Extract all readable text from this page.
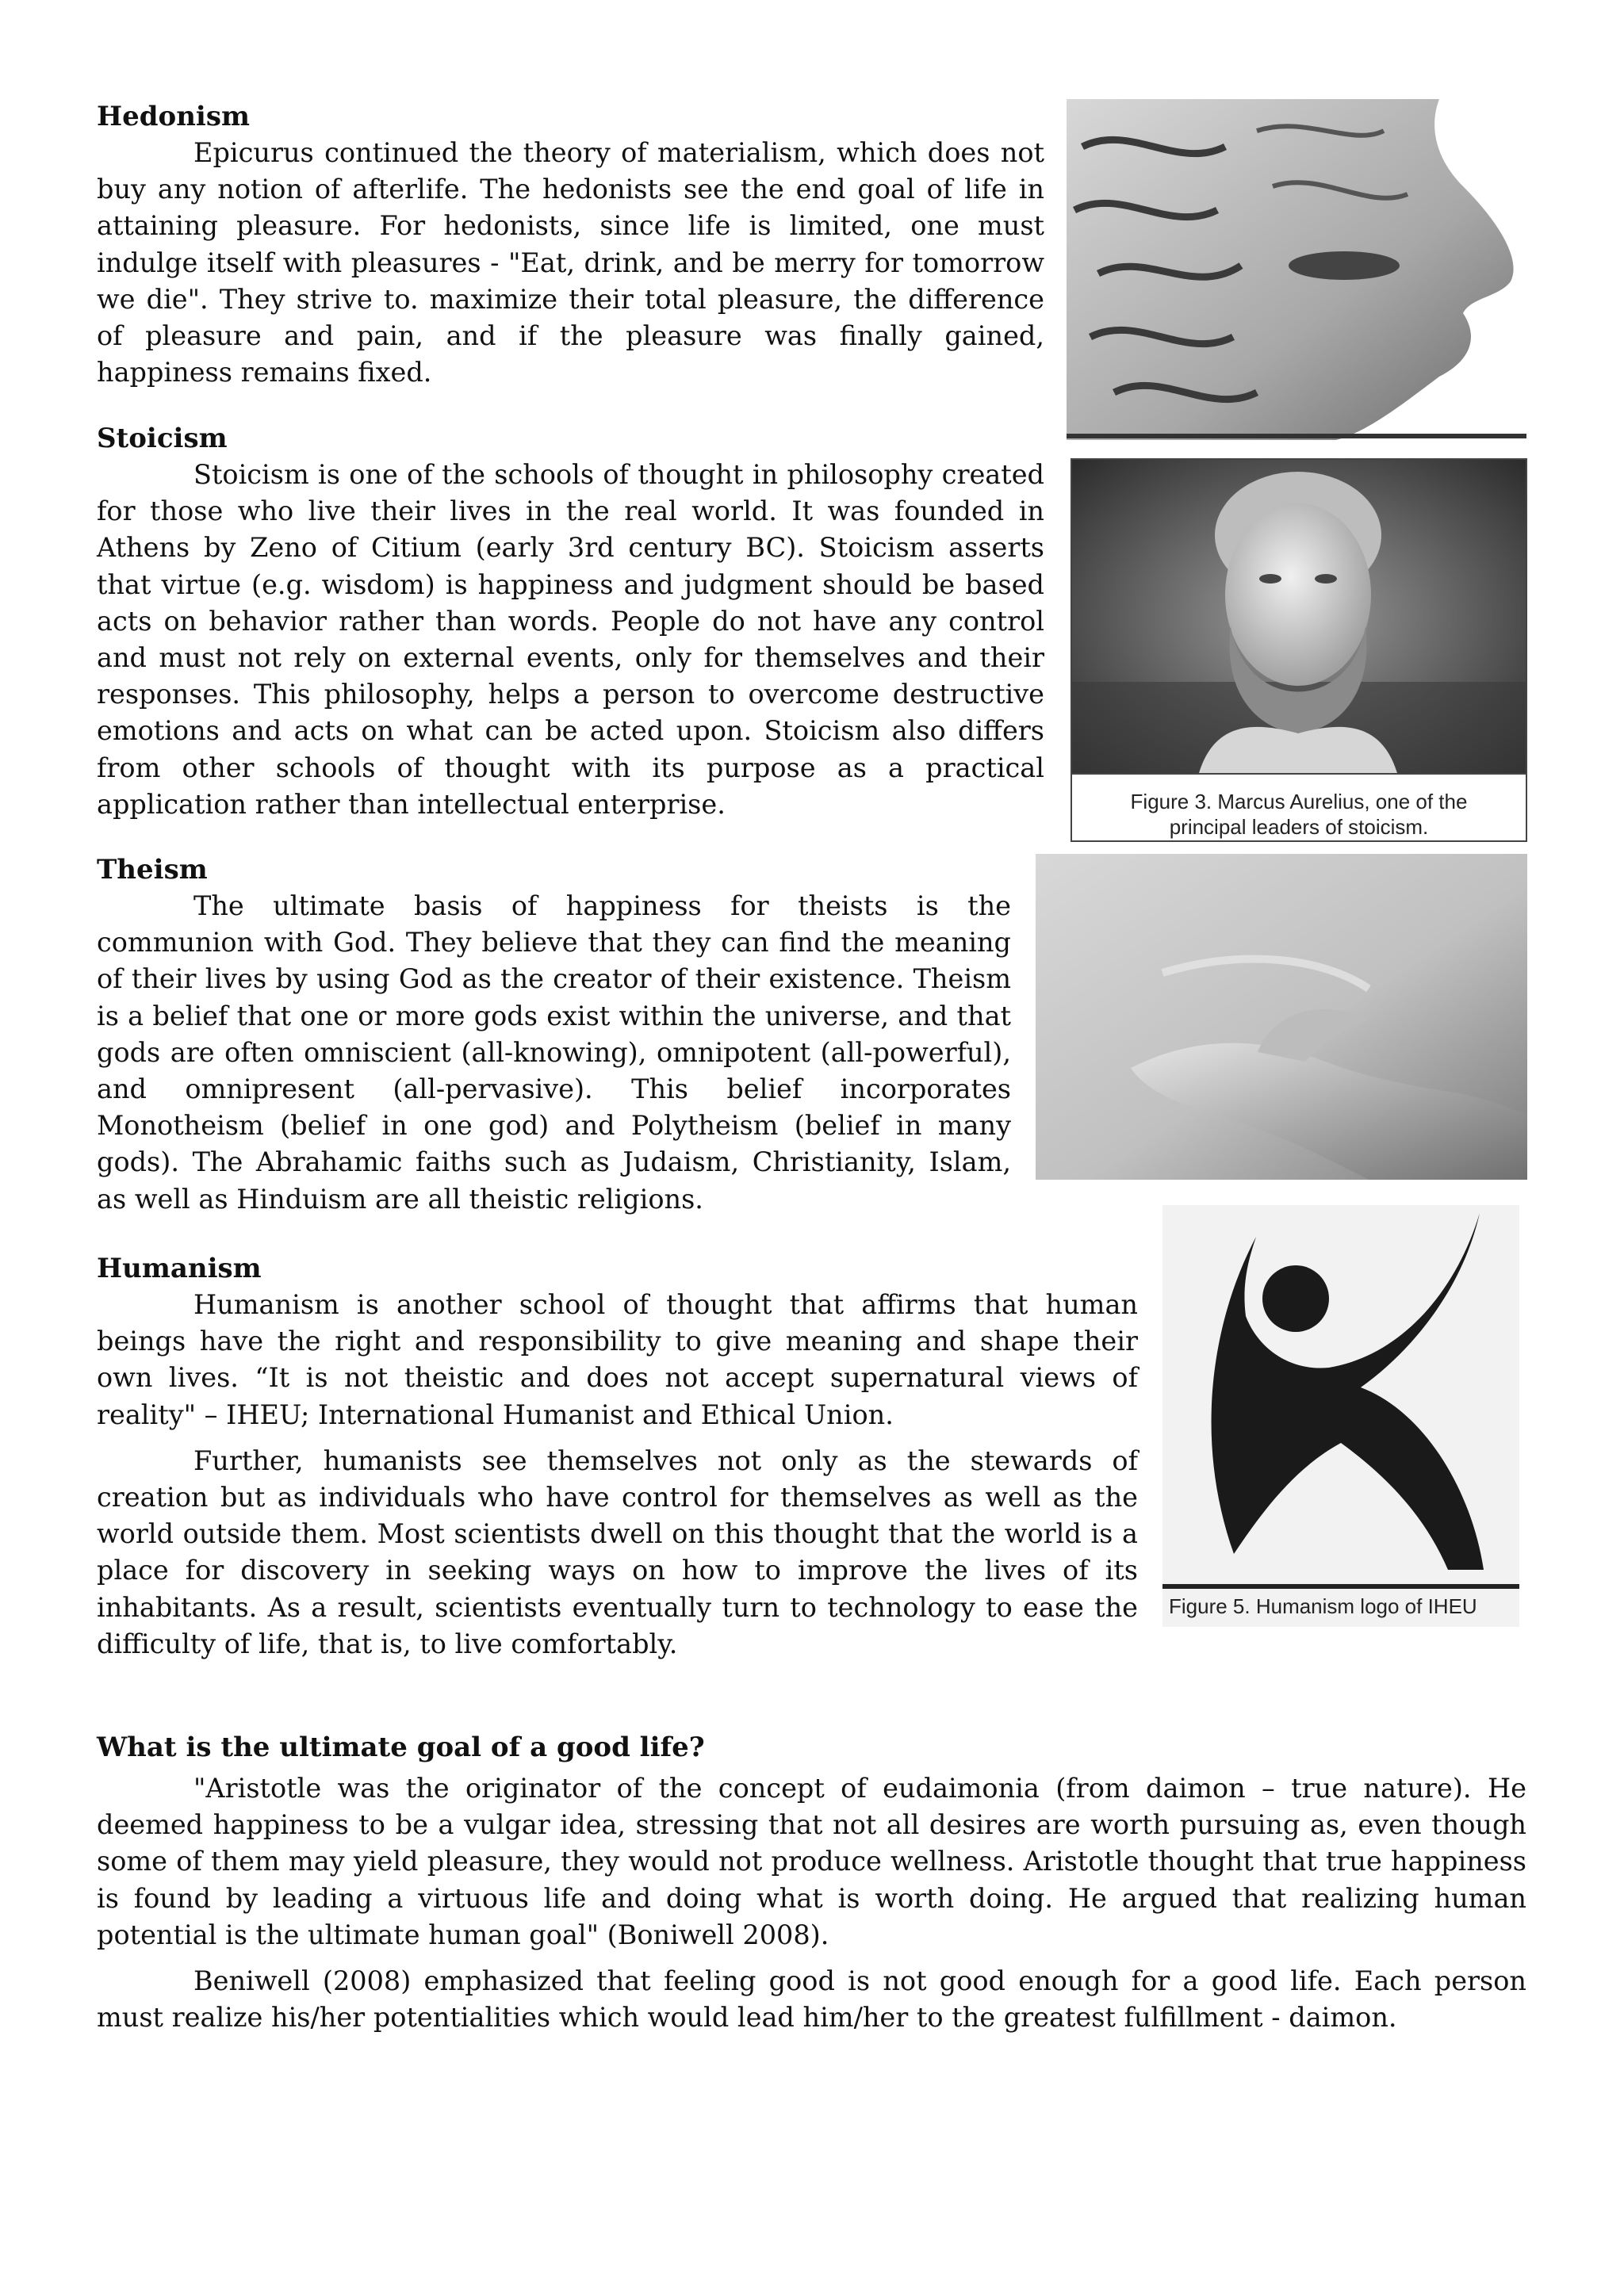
Hedonism

Epicurus continued the theory of materialism, which does not buy any notion of afterlife. The hedonists see the end goal of life in attaining pleasure. For hedonists, since life is limited, one must indulge itself with pleasures - "Eat, drink, and be merry for tomorrow we die". They strive to. maximize their total pleasure, the difference of pleasure and pain, and if the pleasure was finally gained, happiness remains fixed.

Stoicism

Stoicism is one of the schools of thought in philosophy created for those who live their lives in the real world. It was founded in Athens by Zeno of Citium (early 3rd century BC). Stoicism asserts that virtue (e.g. wisdom) is happiness and judgment should be based acts on behavior rather than words. People do not have any control and must not rely on external events, only for themselves and their responses. This philosophy, helps a person to overcome destructive emotions and acts on what can be acted upon. Stoicism also differs from other schools of thought with its purpose as a practical application rather than intellectual enterprise.

Theism

The ultimate basis of happiness for theists is the communion with God. They believe that they can find the meaning of their lives by using God as the creator of their existence. Theism is a belief that one or more gods exist within the universe, and that gods are often omniscient (all-knowing), omnipotent (all-powerful), and omnipresent (all-pervasive). This belief incorporates Monotheism (belief in one god) and Polytheism (belief in many gods). The Abrahamic faiths such as Judaism, Christianity, Islam, as well as Hinduism are all theistic religions.

Humanism

Humanism is another school of thought that affirms that human beings have the right and responsibility to give meaning and shape their own lives. “It is not theistic and does not accept supernatural views of reality" – IHEU; International Humanist and Ethical Union.

Further, humanists see themselves not only as the stewards of creation but as individuals who have control for themselves as well as the world outside them. Most scientists dwell on this thought that the world is a place for discovery in seeking ways on how to improve the lives of its inhabitants. As a result, scientists eventually turn to technology to ease the difficulty of life, that is, to live comfortably.

What is the ultimate goal of a good life?

"Aristotle was the originator of the concept of eudaimonia (from daimon – true nature). He deemed happiness to be a vulgar idea, stressing that not all desires are worth pursuing as, even though some of them may yield pleasure, they would not produce wellness. Aristotle thought that true happiness is found by leading a virtuous life and doing what is worth doing. He argued that realizing human potential is the ultimate human goal" (Boniwell 2008).

Beniwell (2008) emphasized that feeling good is not good enough for a good life. Each person must realize his/her potentialities which would lead him/her to the greatest fulfillment - daimon.

Figure 3. Marcus Aurelius, one of the principal leaders of stoicism.
Figure 5. Humanism logo of IHEU
